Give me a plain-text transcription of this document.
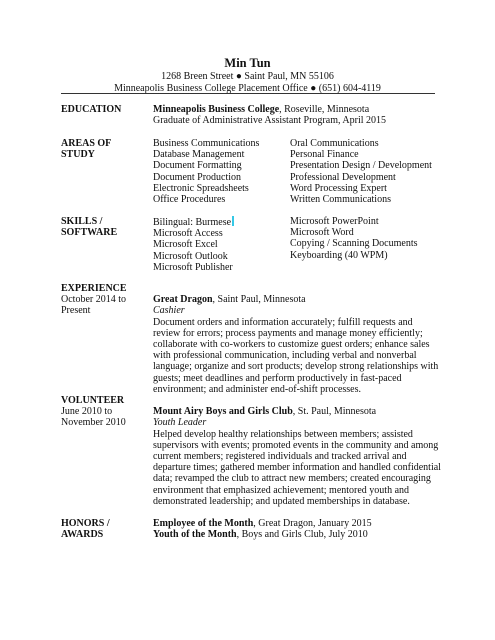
Min Tun
1268 Breen Street ● Saint Paul, MN 55106
Minneapolis Business College Placement Office ● (651) 604-4119
EDUCATION	Minneapolis Business College, Roseville, Minnesota
Graduate of Administrative Assistant Program, April 2015
AREAS OF
STUDY
Business Communications
Database Management
Document Formatting
Document Production
Electronic Spreadsheets
Office Procedures
Oral Communications
Personal Finance
Presentation Design / Development
Professional Development
Word Processing Expert
Written Communications
SKILLS /
SOFTWARE
Bilingual: Burmese
Microsoft Access
Microsoft Excel
Microsoft Outlook
Microsoft Publisher
Microsoft PowerPoint
Microsoft Word
Copying / Scanning Documents
Keyboarding (40 WPM)
EXPERIENCE
October 2014 to
Present
Great Dragon, Saint Paul, Minnesota
Cashier
Document orders and information accurately; fulfill requests and
review for errors; process payments and manage money efficiently;
collaborate with co-workers to customize guest orders; enhance sales
with professional communication, including verbal and nonverbal
language; organize and sort products; develop strong relationships with
guests; meet deadlines and perform productively in fast-paced
environment; and administer end-of-shift processes.
VOLUNTEER
June 2010 to
November 2010
Mount Airy Boys and Girls Club, St. Paul, Minnesota
Youth Leader
Helped develop healthy relationships between members; assisted
supervisors with events; promoted events in the community and among
current members; registered individuals and tracked arrival and
departure times; gathered member information and handled confidential
data; revamped the club to attract new members; created encouraging
environment that emphasized achievement; mentored youth and
demonstrated leadership; and updated memberships in database.
HONORS /
AWARDS
Employee of the Month, Great Dragon, January 2015
Youth of the Month, Boys and Girls Club, July 2010
